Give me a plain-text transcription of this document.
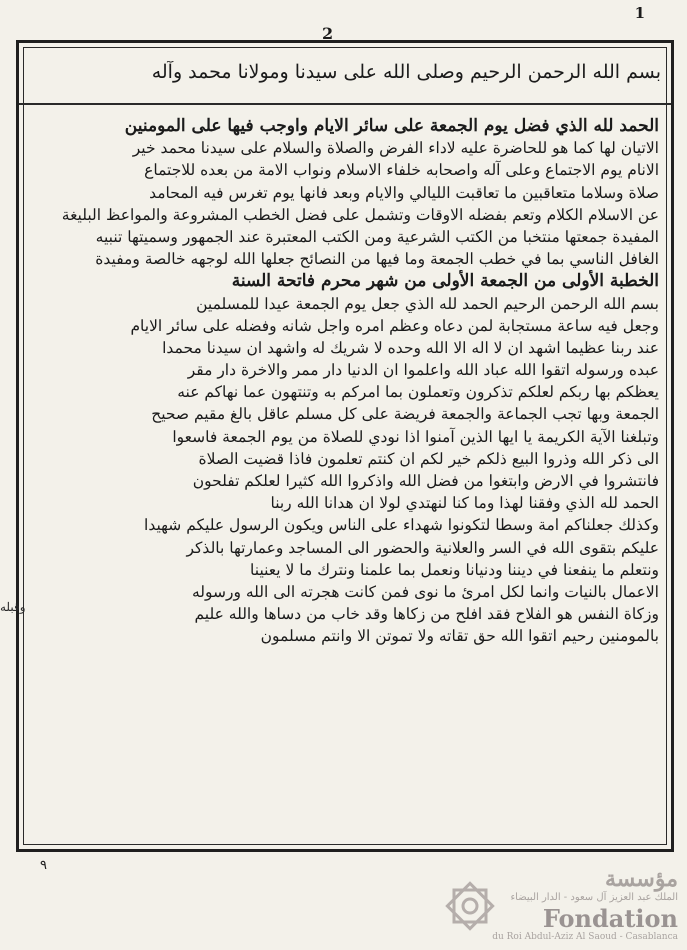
1
2
بسم الله الرحمن الرحيم وصلى الله على سيدنا ومولانا محمد وآله
الحمد لله الذي فضل يوم الجمعة على سائر الايام واوجب فيها على المومنين
الاتيان لها كما هو للحاضرة عليه لاداء الفرض والصلاة والسلام على سيدنا محمد خير
الانام يوم الاجتماع وعلى آله واصحابه خلفاء الاسلام ونواب الامة من بعده للاجتماع
صلاة وسلاما متعاقبين ما تعاقبت الليالي والايام وبعد فانها يوم تغرس فيه المحامد
عن الاسلام الكلام وتعم بفضله الاوقات وتشمل على فضل الخطب المشروعة والمواعظ البليغة
المفيدة جمعتها منتخبا من الكتب الشرعية ومن الكتب المعتبرة عند الجمهور وسميتها تنبيه
الغافل الناسي بما في خطب الجمعة وما فيها من النصائح جعلها الله لوجهه خالصة ومفيدة
الخطبة الأولى من الجمعة الأولى من شهر محرم فاتحة السنة
بسم الله الرحمن الرحيم الحمد لله الذي جعل يوم الجمعة عيدا للمسلمين
وجعل فيه ساعة مستجابة لمن دعاه وعظم امره واجل شانه وفضله على سائر الايام
عند ربنا عظيما اشهد ان لا اله الا الله وحده لا شريك له واشهد ان سيدنا محمدا
عبده ورسوله اتقوا الله عباد الله واعلموا ان الدنيا دار ممر والاخرة دار مقر
يعظكم بها ربكم لعلكم تذكرون وتعملون بما امركم به وتنتهون عما نهاكم عنه
الجمعة وبها تجب الجماعة والجمعة فريضة على كل مسلم عاقل بالغ مقيم صحيح
وتبلغنا الآية الكريمة يا ايها الذين آمنوا اذا نودي للصلاة من يوم الجمعة فاسعوا
الى ذكر الله وذروا البيع ذلكم خير لكم ان كنتم تعلمون فاذا قضيت الصلاة
فانتشروا في الارض وابتغوا من فضل الله واذكروا الله كثيرا لعلكم تفلحون
الحمد لله الذي وفقنا لهذا وما كنا لنهتدي لولا ان هدانا الله ربنا
وكذلك جعلناكم امة وسطا لتكونوا شهداء على الناس ويكون الرسول عليكم شهيدا
عليكم بتقوى الله في السر والعلانية والحضور الى المساجد وعمارتها بالذكر
ونتعلم ما ينفعنا في ديننا ودنيانا ونعمل بما علمنا ونترك ما لا يعنينا
الاعمال بالنيات وانما لكل امرئ ما نوى فمن كانت هجرته الى الله ورسوله
وزكاة النفس هو الفلاح فقد افلح من زكاها وقد خاب من دساها والله عليم
بالمومنين رحيم اتقوا الله حق تقاته ولا تموتن الا وانتم مسلمون
وقبله
٩
مؤسسة
الملك عبد العزيز آل سعود - الدار البيضاء
Fondation
du Roi Abdul-Aziz Al Saoud - Casablanca
